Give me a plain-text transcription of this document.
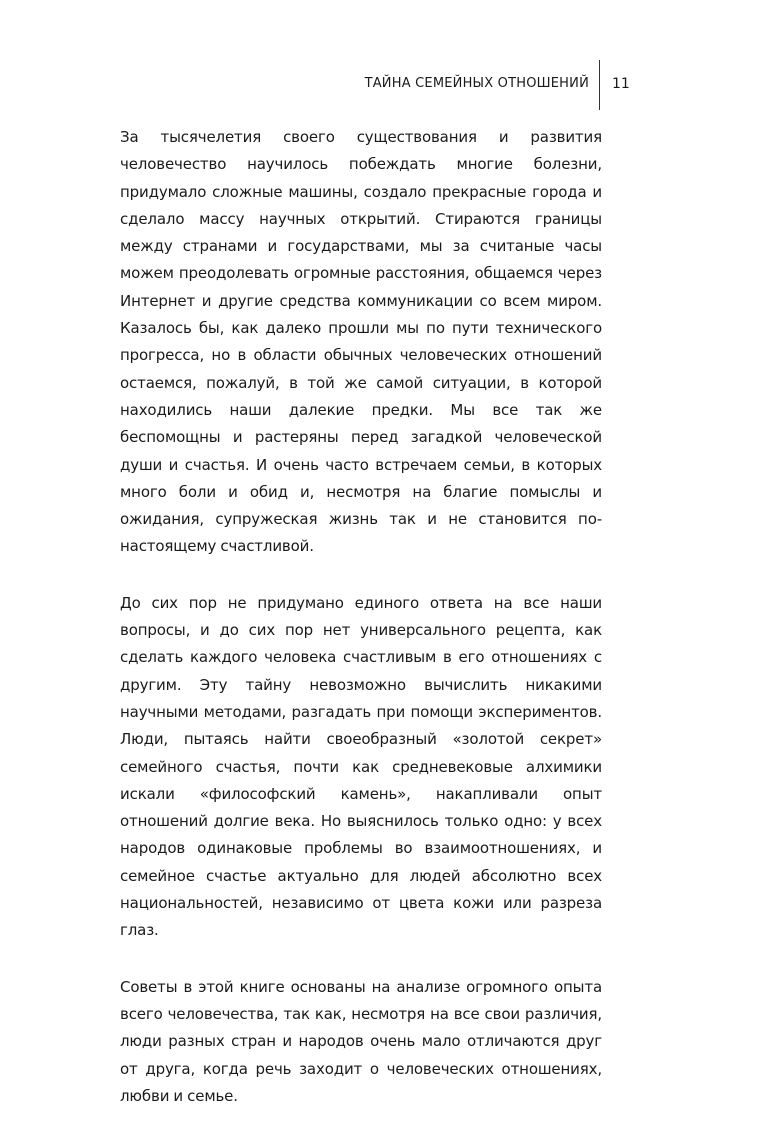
ТАЙНА СЕМЕЙНЫХ ОТНОШЕНИЙ 11

За тысячелетия своего существования и развития человечество научилось побеждать многие болезни, придумало сложные машины, создало прекрасные города и сделало массу научных открытий. Стираются границы между странами и государствами, мы за считаные часы можем преодолевать огромные расстояния, общаемся через Интернет и другие средства коммуникации со всем миром. Казалось бы, как далеко прошли мы по пути технического прогресса, но в области обычных человеческих отношений остаемся, пожалуй, в той же самой ситуации, в которой находились наши далекие предки. Мы все так же беспомощны и растеряны перед загадкой человеческой души и счастья. И очень часто встречаем семьи, в которых много боли и обид и, несмотря на благие помыслы и ожидания, супружеская жизнь так и не становится по-настоящему счастливой.

До сих пор не придумано единого ответа на все наши вопросы, и до сих пор нет универсального рецепта, как сделать каждого человека счастливым в его отношениях с другим. Эту тайну невозможно вычислить никакими научными методами, разгадать при помощи экспериментов. Люди, пытаясь найти своеобразный «золотой секрет» семейного счастья, почти как средневековые алхимики искали «философский камень», накапливали опыт отношений долгие века. Но выяснилось только одно: у всех народов одинаковые проблемы во взаимоотношениях, и семейное счастье актуально для людей абсолютно всех национальностей, независимо от цвета кожи или разреза глаз.

Советы в этой книге основаны на анализе огромного опыта всего человечества, так как, несмотря на все свои различия, люди разных стран и народов очень мало отличаются друг от друга, когда речь заходит о человеческих отношениях, любви и семье.
